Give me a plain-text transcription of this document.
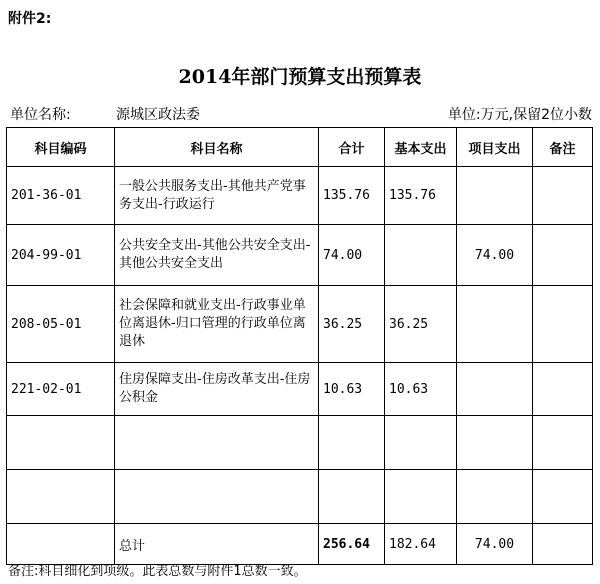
附件2:
2014年部门预算支出预算表
单位名称:	源城区政法委	单位:万元,保留2位小数
科目编码	科目名称	合计	基本支出	项目支出	备注
201-36-01	一般公共服务支出-其他共产党事务支出-行政运行	135.76	135.76		
204-99-01	公共安全支出-其他公共安全支出-其他公共安全支出	74.00		74.00	
208-05-01	社会保障和就业支出-行政事业单位离退休-归口管理的行政单位离退休	36.25	36.25		
221-02-01	住房保障支出-住房改革支出-住房公积金	10.63	10.63		

	总计	256.64	182.64	74.00	
备注:科目细化到项级。此表总数与附件1总数一致。
